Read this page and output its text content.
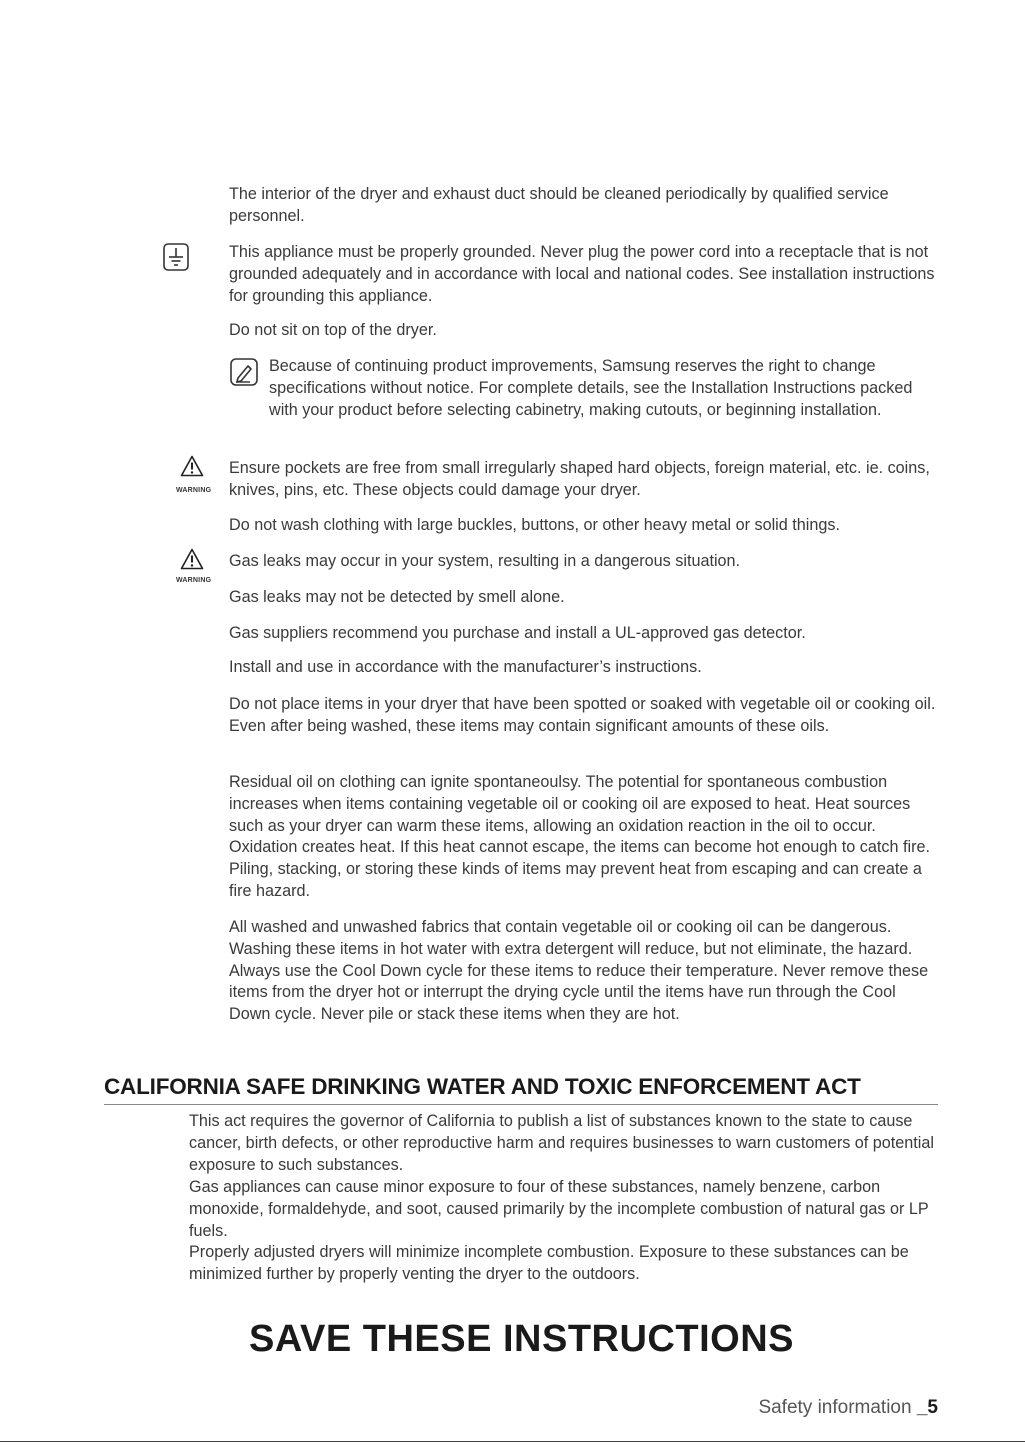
The interior of the dryer and exhaust duct should be cleaned periodically by qualified service personnel.

This appliance must be properly grounded. Never plug the power cord into a receptacle that is not grounded adequately and in accordance with local and national codes. See installation instructions for grounding this appliance.

Do not sit on top of the dryer.

Because of continuing product improvements, Samsung reserves the right to change specifications without notice. For complete details, see the Installation Instructions packed with your product before selecting cabinetry, making cutouts, or beginning installation.

WARNING

Ensure pockets are free from small irregularly shaped hard objects, foreign material, etc. ie. coins, knives, pins, etc. These objects could damage your dryer.

Do not wash clothing with large buckles, buttons, or other heavy metal or solid things.

WARNING

Gas leaks may occur in your system, resulting in a dangerous situation.

Gas leaks may not be detected by smell alone.

Gas suppliers recommend you purchase and install a UL-approved gas detector.

Install and use in accordance with the manufacturer’s instructions.

Do not place items in your dryer that have been spotted or soaked with vegetable oil or cooking oil. Even after being washed, these items may contain significant amounts of these oils.

Residual oil on clothing can ignite spontaneoulsy. The potential for spontaneous combustion increases when items containing vegetable oil or cooking oil are exposed to heat. Heat sources such as your dryer can warm these items, allowing an oxidation reaction in the oil to occur. Oxidation creates heat. If this heat cannot escape, the items can become hot enough to catch fire. Piling, stacking, or storing these kinds of items may prevent heat from escaping and can create a fire hazard.

All washed and unwashed fabrics that contain vegetable oil or cooking oil can be dangerous. Washing these items in hot water with extra detergent will reduce, but not eliminate, the hazard. Always use the Cool Down cycle for these items to reduce their temperature. Never remove these items from the dryer hot or interrupt the drying cycle until the items have run through the Cool Down cycle. Never pile or stack these items when they are hot.

CALIFORNIA SAFE DRINKING WATER AND TOXIC ENFORCEMENT ACT

This act requires the governor of California to publish a list of substances known to the state to cause cancer, birth defects, or other reproductive harm and requires businesses to warn customers of potential exposure to such substances.

Gas appliances can cause minor exposure to four of these substances, namely benzene, carbon monoxide, formaldehyde, and soot, caused primarily by the incomplete combustion of natural gas or LP fuels.

Properly adjusted dryers will minimize incomplete combustion. Exposure to these substances can be minimized further by properly venting the dryer to the outdoors.

SAVE THESE INSTRUCTIONS
Safety information _5
